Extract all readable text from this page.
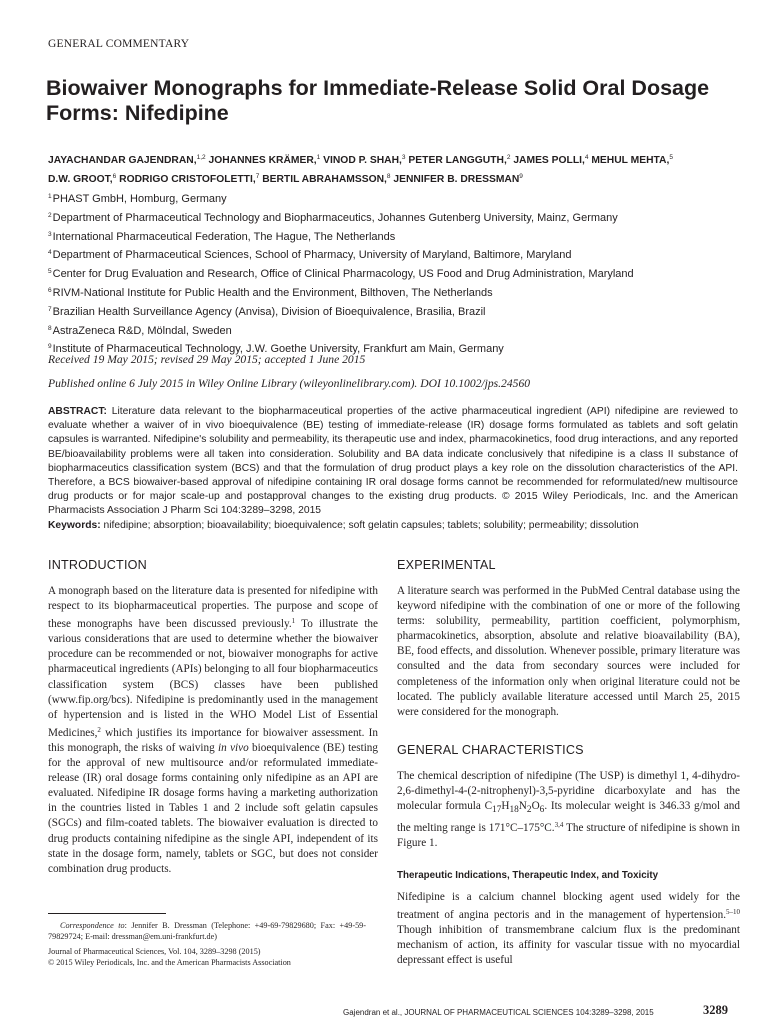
GENERAL COMMENTARY
Biowaiver Monographs for Immediate-Release Solid Oral Dosage
Forms: Nifedipine
JAYACHANDAR GAJENDRAN,$^{1,2}$ JOHANNES KRÄMER,$^1$ VINOD P. SHAH,$^3$ PETER LANGGUTH,$^2$ JAMES POLLI,$^4$ MEHUL MEHTA,$^5$
D.W. GROOT,$^6$ RODRIGO CRISTOFOLETTI,$^7$ BERTIL ABRAHAMSSON,$^8$ JENNIFER B. DRESSMAN$^9$
$^1$PHAST GmbH, Homburg, Germany
$^2$Department of Pharmaceutical Technology and Biopharmaceutics, Johannes Gutenberg University, Mainz, Germany
$^3$International Pharmaceutical Federation, The Hague, The Netherlands
$^4$Department of Pharmaceutical Sciences, School of Pharmacy, University of Maryland, Baltimore, Maryland
$^5$Center for Drug Evaluation and Research, Office of Clinical Pharmacology, US Food and Drug Administration, Maryland
$^6$RIVM-National Institute for Public Health and the Environment, Bilthoven, The Netherlands
$^7$Brazilian Health Surveillance Agency (Anvisa), Division of Bioequivalence, Brasilia, Brazil
$^8$AstraZeneca R&D, Mölndal, Sweden
$^9$Institute of Pharmaceutical Technology, J.W. Goethe University, Frankfurt am Main, Germany
Received 19 May 2015; revised 29 May 2015; accepted 1 June 2015
Published online 6 July 2015 in Wiley Online Library (wileyonlinelibrary.com). DOI 10.1002/jps.24560
ABSTRACT: Literature data relevant to the biopharmaceutical properties of the active pharmaceutical ingredient (API) nifedipine are reviewed to evaluate whether a waiver of in vivo bioequivalence (BE) testing of immediate-release (IR) dosage forms formulated as tablets and soft gelatin capsules is warranted. Nifedipine's solubility and permeability, its therapeutic use and index, pharmacokinetics, food drug interactions, and any reported BE/bioavailability problems were all taken into consideration. Solubility and BA data indicate conclusively that nifedipine is a class II substance of biopharmaceutics classification system (BCS) and that the formulation of drug product plays a key role on the dissolution characteristics of the API. Therefore, a BCS biowaiver-based approval of nifedipine containing IR oral dosage forms cannot be recommended for reformulated/new multisource drug products or for major scale-up and postapproval changes to the existing drug products. © 2015 Wiley Periodicals, Inc. and the American Pharmacists Association J Pharm Sci 104:3289–3298, 2015
Keywords: nifedipine; absorption; bioavailability; bioequivalence; soft gelatin capsules; tablets; solubility; permeability; dissolution
INTRODUCTION
A monograph based on the literature data is presented for nifedipine with respect to its biopharmaceutical properties. The purpose and scope of these monographs have been discussed previously.$^1$ To illustrate the various considerations that are used to determine whether the biowaiver procedure can be recommended or not, biowaiver monographs for active pharmaceutical ingredients (APIs) belonging to all four biopharmaceutics classification system (BCS) classes have been published (www.fip.org/bcs). Nifedipine is predominantly used in the management of hypertension and is listed in the WHO Model List of Essential Medicines,$^2$ which justifies its importance for biowaiver assessment. In this monograph, the risks of waiving in vivo bioequivalence (BE) testing for the approval of new multisource and/or reformulated immediate-release (IR) oral dosage forms containing only nifedipine as an API are evaluated. Nifedipine IR dosage forms having a marketing authorization in the countries listed in Tables 1 and 2 include soft gelatin capsules (SGCs) and film-coated tablets. The biowaiver evaluation is directed to drug products containing nifedipine as the single API, independent of its state in the dosage form, namely, tablets or SGC, but does not consider combination drug products.
EXPERIMENTAL
A literature search was performed in the PubMed Central database using the keyword nifedipine with the combination of one or more of the following terms: solubility, permeability, partition coefficient, polymorphism, pharmacokinetics, absorption, absolute and relative bioavailability (BA), BE, food effects, and dissolution. Whenever possible, primary literature was consulted and the data from secondary sources were included for completeness of the information only when original literature could not be located. The publicly available literature accessed until March 25, 2015 were considered for the monograph.
GENERAL CHARACTERISTICS
The chemical description of nifedipine (The USP) is dimethyl 1, 4-dihydro-2,6-dimethyl-4-(2-nitrophenyl)-3,5-pyridine dicarboxylate and has the molecular formula $C_{17}H_{18}N_2O_6$. Its molecular weight is 346.33 g/mol and the melting range is 171°C–175°C.$^{3,4}$ The structure of nifedipine is shown in Figure 1.
Therapeutic Indications, Therapeutic Index, and Toxicity
Nifedipine is a calcium channel blocking agent used widely for the treatment of angina pectoris and in the management of hypertension.$^{5-10}$ Though inhibition of transmembrane calcium flux is the predominant mechanism of action, its affinity for vascular tissue with no myocardial depressant effect is useful
Correspondence to: Jennifer B. Dressman (Telephone: +49-69-79829680; Fax: +49-59-79829724; E-mail: dressman@em.uni-frankfurt.de)
Journal of Pharmaceutical Sciences, Vol. 104, 3289–3298 (2015)
© 2015 Wiley Periodicals, Inc. and the American Pharmacists Association
Gajendran et al., JOURNAL OF PHARMACEUTICAL SCIENCES 104:3289–3298, 2015	3289
